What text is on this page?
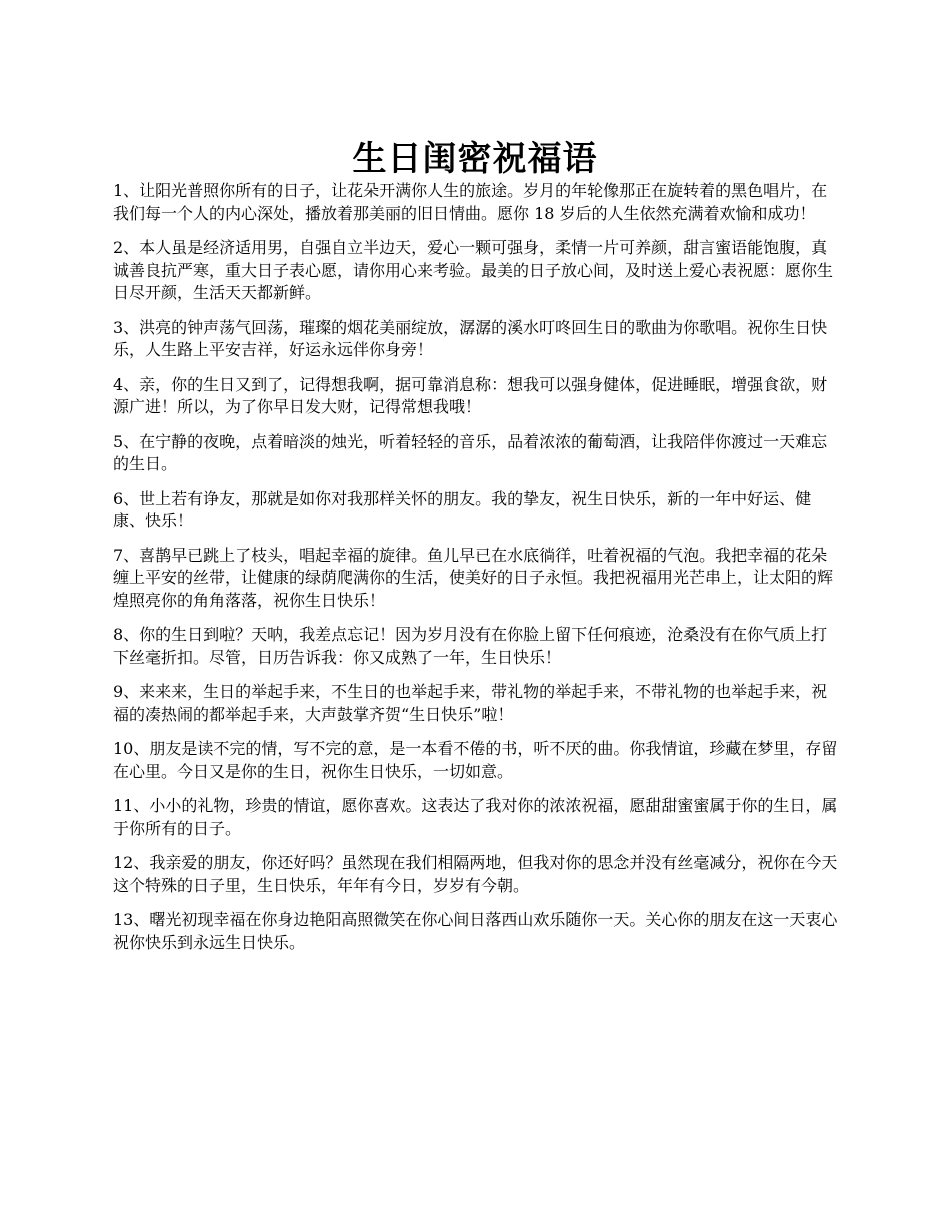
生日闺密祝福语

1、让阳光普照你所有的日子，让花朵开满你人生的旅途。岁月的年轮像那正在旋转着的黑色唱片，在我们每一个人的内心深处，播放着那美丽的旧日情曲。愿你 18 岁后的人生依然充满着欢愉和成功！

2、本人虽是经济适用男，自强自立半边天，爱心一颗可强身，柔情一片可养颜，甜言蜜语能饱腹，真诚善良抗严寒，重大日子表心愿，请你用心来考验。最美的日子放心间，及时送上爱心表祝愿：愿你生日尽开颜，生活天天都新鲜。

3、洪亮的钟声荡气回荡，璀璨的烟花美丽绽放，潺潺的溪水叮咚回生日的歌曲为你歌唱。祝你生日快乐，人生路上平安吉祥，好运永远伴你身旁！

4、亲，你的生日又到了，记得想我啊，据可靠消息称：想我可以强身健体，促进睡眠，增强食欲，财源广进！所以，为了你早日发大财，记得常想我哦！

5、在宁静的夜晚，点着暗淡的烛光，听着轻轻的音乐，品着浓浓的葡萄酒，让我陪伴你渡过一天难忘的生日。

6、世上若有诤友，那就是如你对我那样关怀的朋友。我的挚友，祝生日快乐，新的一年中好运、健康、快乐！

7、喜鹊早已跳上了枝头，唱起幸福的旋律。鱼儿早已在水底徜徉，吐着祝福的气泡。我把幸福的花朵缠上平安的丝带，让健康的绿荫爬满你的生活，使美好的日子永恒。我把祝福用光芒串上，让太阳的辉煌照亮你的角角落落，祝你生日快乐！

8、你的生日到啦？天呐，我差点忘记！因为岁月没有在你脸上留下任何痕迹，沧桑没有在你气质上打下丝毫折扣。尽管，日历告诉我：你又成熟了一年，生日快乐！

9、来来来，生日的举起手来，不生日的也举起手来，带礼物的举起手来，不带礼物的也举起手来，祝福的凑热闹的都举起手来，大声鼓掌齐贺“生日快乐”啦！

10、朋友是读不完的情，写不完的意，是一本看不倦的书，听不厌的曲。你我情谊，珍藏在梦里，存留在心里。今日又是你的生日，祝你生日快乐，一切如意。

11、小小的礼物，珍贵的情谊，愿你喜欢。这表达了我对你的浓浓祝福，愿甜甜蜜蜜属于你的生日，属于你所有的日子。

12、我亲爱的朋友，你还好吗？虽然现在我们相隔两地，但我对你的思念并没有丝毫减分，祝你在今天这个特殊的日子里，生日快乐，年年有今日，岁岁有今朝。

13、曙光初现幸福在你身边艳阳高照微笑在你心间日落西山欢乐随你一天。关心你的朋友在这一天衷心祝你快乐到永远生日快乐。
